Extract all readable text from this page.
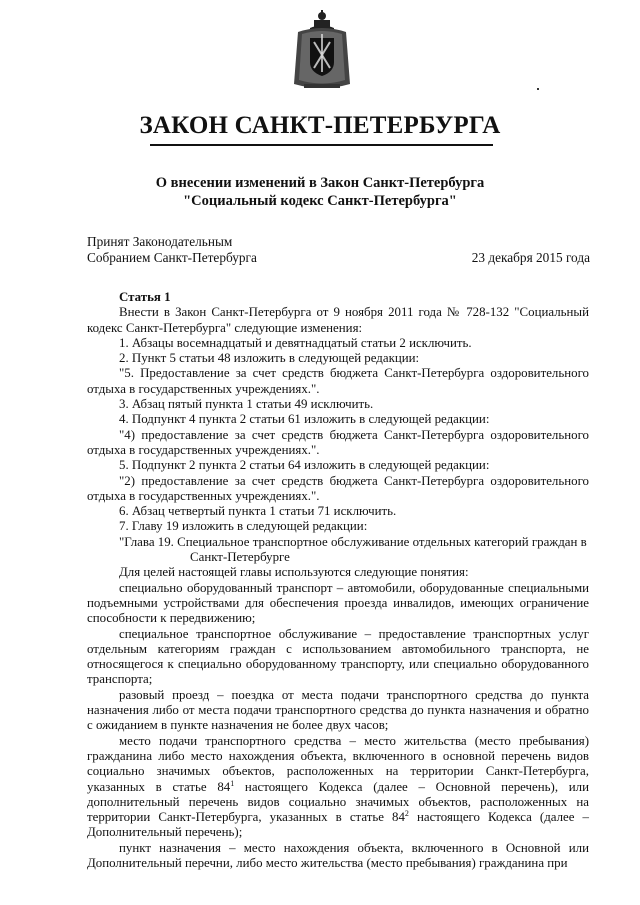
ЗАКОН САНКТ-ПЕТЕРБУРГА
О внесении изменений в Закон Санкт-Петербурга
"Социальный кодекс Санкт-Петербурга"
Принят Законодательным
Собранием Санкт-Петербурга	23 декабря 2015 года

Статья 1

Внести в Закон Санкт-Петербурга от 9 ноября 2011 года № 728-132 "Социальный кодекс Санкт-Петербурга" следующие изменения:

1. Абзацы восемнадцатый и девятнадцатый статьи 2 исключить.

2. Пункт 5 статьи 48 изложить в следующей редакции:

"5. Предоставление за счет средств бюджета Санкт-Петербурга оздоровительного отдыха в государственных учреждениях.".

3. Абзац пятый пункта 1 статьи 49 исключить.

4. Подпункт 4 пункта 2 статьи 61 изложить в следующей редакции:

"4) предоставление за счет средств бюджета Санкт-Петербурга оздоровительного отдыха в государственных учреждениях.".

5. Подпункт 2 пункта 2 статьи 64 изложить в следующей редакции:

"2) предоставление за счет средств бюджета Санкт-Петербурга оздоровительного отдыха в государственных учреждениях.".

6. Абзац четвертый пункта 1 статьи 71 исключить.

7. Главу 19 изложить в следующей редакции:

"Глава 19. Специальное транспортное обслуживание отдельных категорий граждан в Санкт-Петербурге

Для целей настоящей главы используются следующие понятия:

специально оборудованный транспорт – автомобили, оборудованные специальными подъемными устройствами для обеспечения проезда инвалидов, имеющих ограничение способности к передвижению;

специальное транспортное обслуживание – предоставление транспортных услуг отдельным категориям граждан с использованием автомобильного транспорта, не относящегося к специально оборудованному транспорту, или специально оборудованного транспорта;

разовый проезд – поездка от места подачи транспортного средства до пункта назначения либо от места подачи транспортного средства до пункта назначения и обратно с ожиданием в пункте назначения не более двух часов;

место подачи транспортного средства – место жительства (место пребывания) гражданина либо место нахождения объекта, включенного в основной перечень видов социально значимых объектов, расположенных на территории Санкт-Петербурга, указанных в статье $84^1$ настоящего Кодекса (далее – Основной перечень), или дополнительный перечень видов социально значимых объектов, расположенных на территории Санкт-Петербурга, указанных в статье $84^2$ настоящего Кодекса (далее – Дополнительный перечень);

пункт назначения – место нахождения объекта, включенного в Основной или Дополнительный перечни, либо место жительства (место пребывания) гражданина при
